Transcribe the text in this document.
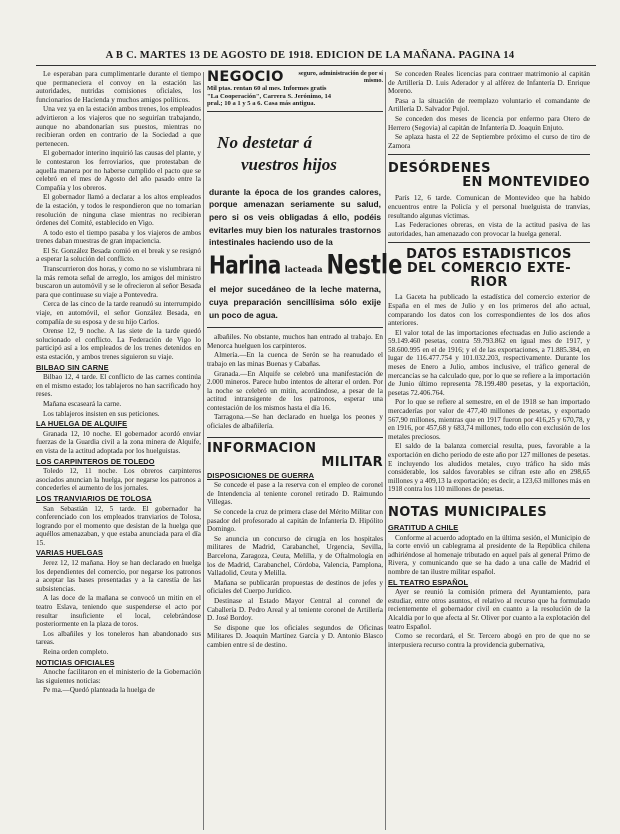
A B C. MARTES 13 DE AGOSTO DE 1918. EDICION DE LA MAÑANA. PAGINA 14

Le esperaban para cumplimentarle durante el tiempo que permaneciera el convoy en la estación las autoridades, nutridas comisiones oficiales, los funcionarios de Hacienda y muchos amigos políticos.

Una vez ya en la estación ambos trenes, los empleados advirtieron a los viajeros que no seguirían trabajando, aunque no abandonarían sus puestos, mientras no recibieran orden en contrario de la Sociedad a que pertenecen.

El gobernador interino inquirió las causas del plante, y le contestaron los ferroviarios, que protestaban de aquella manera por no haberse cumplido el pacto que se celebró en el mes de Agosto del año pasado entre la Compañía y los obreros.

El gobernador llamó a declarar a los altos empleados de la estación, y todos le respondieron que no tomarían resolución de ninguna clase mientras no recibieran órdenes del Comité, establecido en Vigo.

A todo esto el tiempo pasaba y los viajeros de ambos trenes daban muestras de gran impaciencia.

El Sr. González Besada comió en el break y se resignó a esperar la solución del conflicto.

Transcurrieron dos horas, y como no se vislumbrara ni la más remota señal de arreglo, los amigos del ministro buscaron un automóvil y se le ofrecieron al señor Besada para que continuase su viaje a Pontevedra.

Cerca de las cinco de la tarde reanudó su interrumpido viaje, en automóvil, el señor González Besada, en compañía de su esposa y de su hijo Carlos.

Orense 12, 9 noche. A las siete de la tarde quedó solucionado el conflicto. La Federación de Vigo lo participó así a los empleados de los trenes detenidos en esta estación, y ambos trenes siguieron su viaje.

BILBAO SIN CARNE

Bilbao 12, 4 tarde. El conflicto de las carnes continúa en el mismo estado; los tablajeros no han sacrificado hoy reses.

Mañana escaseará la carne.

Los tablajeros insisten en sus peticiones.

LA HUELGA DE ALQUIFE

Granada 12, 10 noche. El gobernador acordó enviar fuerzas de la Guardia civil a la zona minera de Alquife, en vista de la actitud adoptada por los huelguistas.

LOS CARPINTEROS DE TOLEDO

Toledo 12, 11 noche. Los obreros carpinteros asociados anuncian la huelga, por negarse los patronos a concederles el aumento de los jornales.

LOS TRANVIARIOS DE TOLOSA

San Sebastián 12, 5 tarde. El gobernador ha conferenciado con los empleados tranviarios de Tolosa, logrando por el momento que desistan de la huelga que aquéllos amenazaban, y que estaba anunciada para el día 15.

VARIAS HUELGAS

Jerez 12, 12 mañana. Hoy se han declarado en huelga los dependientes del comercio, por negarse los patronos a aceptar las bases presentadas y a la carestía de las subsistencias.

A las doce de la mañana se convocó un mitin en el teatro Eslava, teniendo que suspenderse el acto por resultar insuficiente el local, celebrándose posteriormente en la plaza de toros.

Los albañiles y los toneleros han abandonado sus tareas.

Reina orden completo.

NOTICIAS OFICIALES

Anoche facilitaron en el ministerio de la Gobernación las siguientes noticias:

Pe ma.—Quedó planteada la huelga de

NEGOCIO	seguro, administración de por sí mismo.

Mil ptas. rentan 60 al mes. Informes gratis

"La Cooperación", Carrera S. Jerónimo, 14

pral.; 10 a 1 y 5 a 6. Casa más antigua.

No destetar á
vuestros hijos

durante la época de los grandes calores, porque amenazan seriamente su salud, pero si os veis obligadas á ello, podéis evitarles muy bien los naturales trastornos intestinales haciendo uso de la

Harina lacteada Nestle

el mejor sucedáneo de la leche materna, cuya preparación sencillísima sólo exije un poco de agua.

albañiles. No obstante, muchos han entrado al trabajo. En Menorca huelguen los carpinteros.

Almería.—En la cuenca de Serón se ha reanudado el trabajo en las minas Buenas y Cabañas.

Granada.—En Alquife se celebró una manifestación de 2.000 mineros. Parece hubo intentos de alterar el orden. Por la noche se celebró un mitin, acordándose, a pesar de la actitud intransigente de los patronos, esperar una contestación de los mismos hasta el día 16.

Tarragona.—Se han declarado en huelga los peones y oficiales de albañilería.

INFORMACION
MILITAR
DISPOSICIONES DE GUERRA

Se concede el pase a la reserva con el empleo de coronel de Intendencia al teniente coronel retirado D. Raimundo Villegas.

Se concede la cruz de primera clase del Mérito Militar con pasador del profesorado al capitán de Infantería D. Hipólito Domingo.

Se anuncia un concurso de cirugía en los hospitales militares de Madrid, Carabanchel, Urgencia, Sevilla, Barcelona, Zaragoza, Ceuta, Melilla, y de Oftalmología en los de Madrid, Carabanchel, Córdoba, Valencia, Pamplona, Valladolid, Ceuta y Melilla.

Mañana se publicarán propuestas de destinos de jefes y oficiales del Cuerpo Jurídico.

Destinase al Estado Mayor Central al coronel de Caballería D. Pedro Areal y al teniente coronel de Artillería D. José Bordoy.

Se dispone que los oficiales segundos de Oficinas Militares D. Joaquín Martínez García y D. Antonio Blasco cambien entre sí de destino.

Se conceden Reales licencias para contraer matrimonio al capitán de Artillería D. Luis Aderador y al alférez de Infantería D. Enrique Moreno.

Pasa a la situación de reemplazo voluntario el comandante de Artillería D. Salvador Pujol.

Se conceden dos meses de licencia por enfermo para Otero de Herrero (Segovia) al capitán de Infantería D. Joaquín Enjuto.

Se aplaza hasta el 22 de Septiembre próximo el curso de tiro de Zamora

DESÓRDENES
EN MONTEVIDEO

París 12, 6 tarde. Comunican de Montevideo que ha habido encuentros entre la Policía y el personal huelguista de tranvías, resultando algunas víctimas.

Las Federaciones obreras, en vista de la actitud pasiva de las autoridades, han amenazado con provocar la huelga general.

DATOS ESTADISTICOS
DEL COMERCIO EXTE-
RIOR

La Gaceta ha publicado la estadística del comercio exterior de España en el mes de Julio y en los primeros del año actual, comparando los datos con los correspondientes de los dos años anteriores.

El valor total de las importaciones efectuadas en Julio asciende a 59.149.460 pesetas, contra 59.793.862 en igual mes de 1917, y 58.600.995 en el de 1916; y el de las exportaciones, a 71.885.384, en lugar de 116.477.754 y 101.032.203, respectivamente. Durante los meses de Enero a Julio, ambos inclusive, el tráfico general de mercancías se ha calculado que, por lo que se refiere a la importación de Junio último representa 78.199.480 pesetas, y la exportación, pesetas 72.406.764.

Por lo que se refiere al semestre, en el de 1918 se han importado mercaderías por valor de 477,40 millones de pesetas, y exportado 567,90 millones, mientras que en 1917 fueron por 416,25 y 670,78, y en 1916, por 457,68 y 683,74 millones, todo ello con exclusión de los metales preciosos.

El saldo de la balanza comercial resulta, pues, favorable a la exportación en dicho periodo de este año por 127 millones de pesetas. E incluyendo los aludidos metales, cuyo tráfico ha sido más considerable, los saldos favorables se cifran este año en 298,65 millones y a 409,13 la exportación; es decir, a 123,63 millones más en 1918 contra los 110 millones de pesetas.

NOTAS MUNICIPALES
GRATITUD A CHILE

Conforme al acuerdo adoptado en la última sesión, el Municipio de la corte envió un cablegrama al presidente de la República chilena adhiriéndose al homenaje tributado en aquel país al general Primo de Rivera, y comunicando que se ha dado a una calle de Madrid el nombre de tan ilustre militar español.

EL TEATRO ESPAÑOL

Ayer se reunió la comisión primera del Ayuntamiento, para estudiar, entre otros asuntos, el relativo al recurso que ha formulado recientemente el gobernador civil en cuanto a la resolución de la Alcaldía por lo que afecta al Sr. Oliver por cuanto a la explotación del teatro Español.

Como se recordará, el Sr. Tercero abogó en pro de que no se interpusiera recurso contra la providencia gubernativa,
